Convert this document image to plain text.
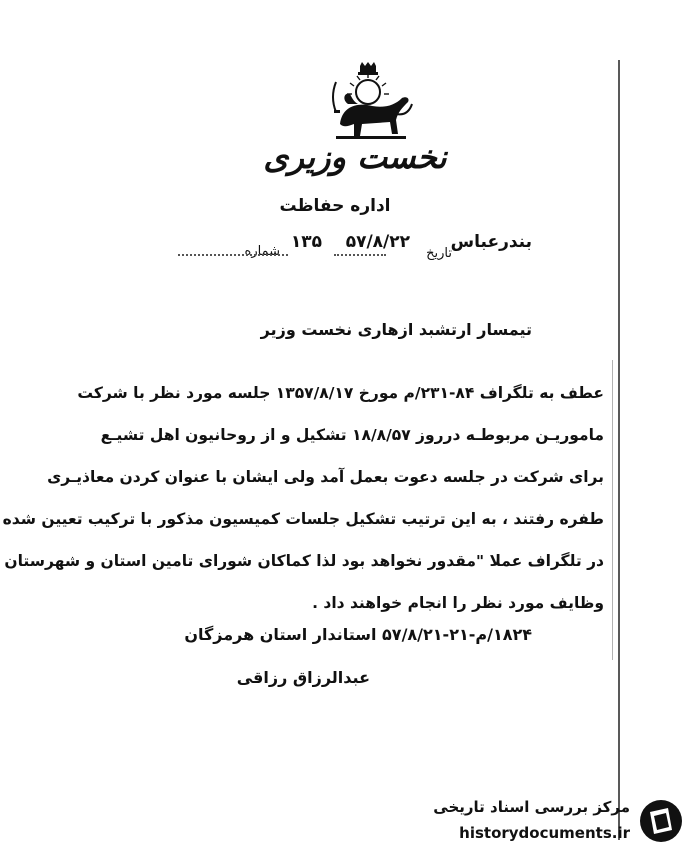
نخست وزیری
اداره حفاظت
بندرعباس
تاریخ
۵۷/۸/۲۲
۱۳۵
شماره
تیمسار ارتشبد ازهاری نخست وزیر
عطف به تلگراف ۸۴-۲۳۱/م مورخ ۱۳۵۷/۸/۱۷ جلسه مورد نظر با شرکت
ماموریـن مربوطـه درروز ۱۸/۸/۵۷ تشکیل و از روحانیون اهل تشیـع
برای شرکت در جلسه دعوت بعمل آمد ولی ایشان با عنوان کردن معاذیـری
طفره رفتند ، به این ترتیب تشکیل جلسات کمیسیون مذکور با ترکیب تعیین شده
در تلگراف عملا "مقدور نخواهد بود لذا کماکان شورای تامین استان و شهرستان
وظایف مورد نظر را انجام خواهند داد .
۱۸۲۴/م-۲۱-۵۷/۸/۲۱ استاندار استان هرمزگان
عبدالرزاق رزاقی
مرکز بررسی اسناد تاریخی
historydocuments.ir
